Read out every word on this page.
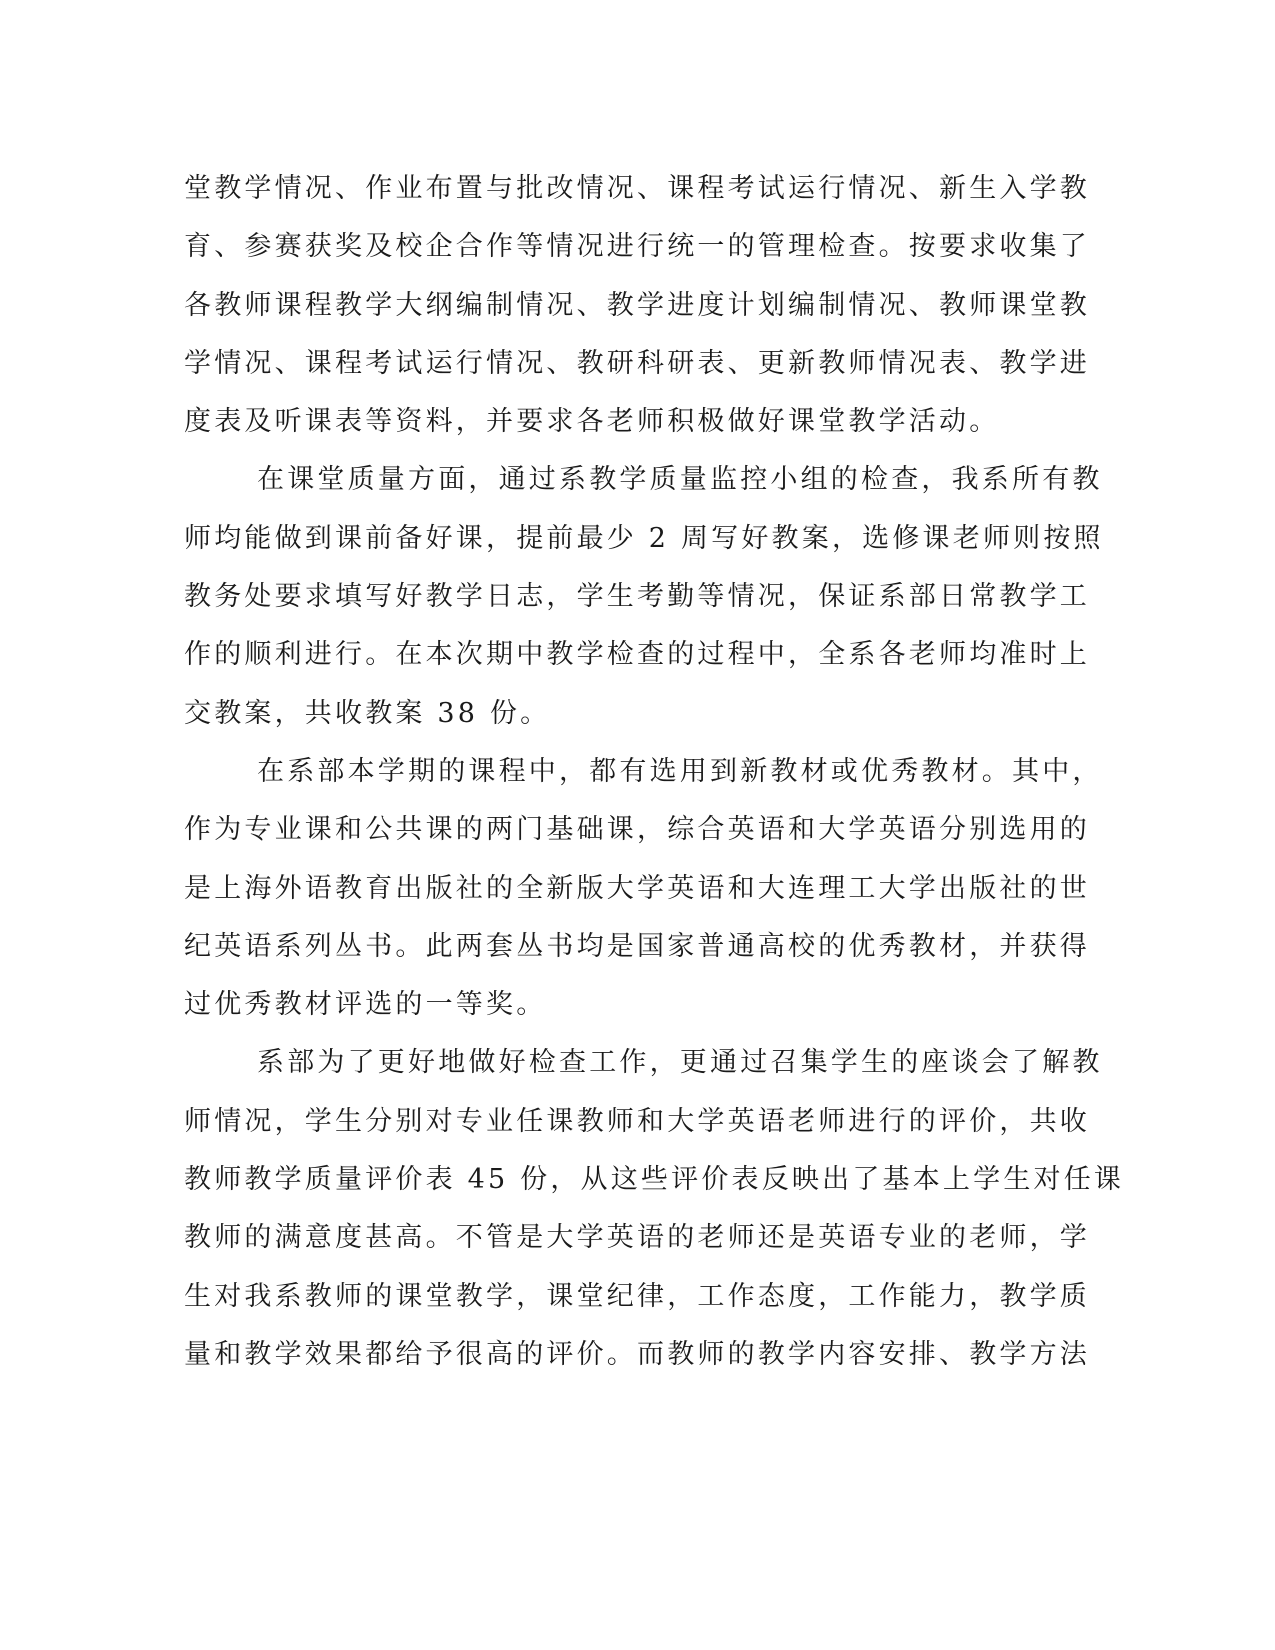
堂教学情况、作业布置与批改情况、课程考试运行情况、新生入学教
育、参赛获奖及校企合作等情况进行统一的管理检查。按要求收集了
各教师课程教学大纲编制情况、教学进度计划编制情况、教师课堂教
学情况、课程考试运行情况、教研科研表、更新教师情况表、教学进
度表及听课表等资料，并要求各老师积极做好课堂教学活动。
在课堂质量方面，通过系教学质量监控小组的检查，我系所有教
师均能做到课前备好课，提前最少 2 周写好教案，选修课老师则按照
教务处要求填写好教学日志，学生考勤等情况，保证系部日常教学工
作的顺利进行。在本次期中教学检查的过程中，全系各老师均准时上
交教案，共收教案 38 份。
在系部本学期的课程中，都有选用到新教材或优秀教材。其中，
作为专业课和公共课的两门基础课，综合英语和大学英语分别选用的
是上海外语教育出版社的全新版大学英语和大连理工大学出版社的世
纪英语系列丛书。此两套丛书均是国家普通高校的优秀教材，并获得
过优秀教材评选的一等奖。
系部为了更好地做好检查工作，更通过召集学生的座谈会了解教
师情况，学生分别对专业任课教师和大学英语老师进行的评价，共收
教师教学质量评价表 45 份，从这些评价表反映出了基本上学生对任课
教师的满意度甚高。不管是大学英语的老师还是英语专业的老师，学
生对我系教师的课堂教学，课堂纪律，工作态度，工作能力，教学质
量和教学效果都给予很高的评价。而教师的教学内容安排、教学方法
